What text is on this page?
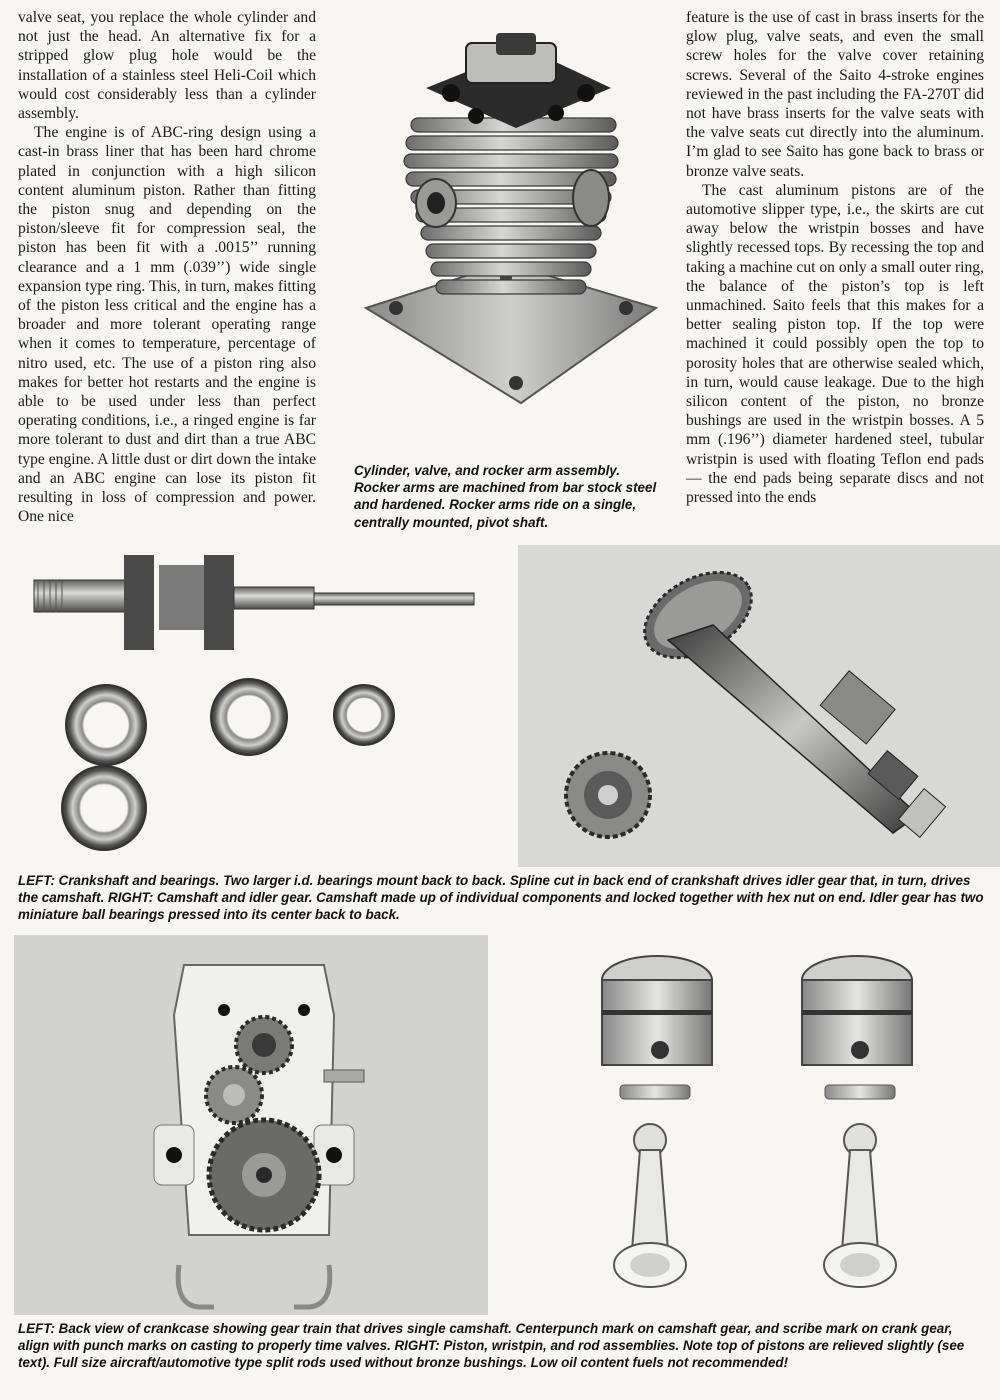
valve seat, you replace the whole cylinder and not just the head. An alternative fix for a stripped glow plug hole would be the installation of a stainless steel Heli-Coil which would cost considerably less than a cylinder assembly.

The engine is of ABC-ring design using a cast-in brass liner that has been hard chrome plated in conjunction with a high silicon content aluminum piston. Rather than fitting the piston snug and depending on the piston/sleeve fit for compression seal, the piston has been fit with a .0015’’ running clearance and a 1 mm (.039’’) wide single expansion type ring. This, in turn, makes fitting of the piston less critical and the engine has a broader and more tolerant operating range when it comes to temperature, percentage of nitro used, etc. The use of a piston ring also makes for better hot restarts and the engine is able to be used under less than perfect operating conditions, i.e., a ringed engine is far more tolerant to dust and dirt than a true ABC type engine. A little dust or dirt down the intake and an ABC engine can lose its piston fit resulting in loss of compression and power. One nice

feature is the use of cast in brass inserts for the glow plug, valve seats, and even the small screw holes for the valve cover retaining screws. Several of the Saito 4-stroke engines reviewed in the past including the FA-270T did not have brass inserts for the valve seats with the valve seats cut directly into the aluminum. I’m glad to see Saito has gone back to brass or bronze valve seats.

The cast aluminum pistons are of the automotive slipper type, i.e., the skirts are cut away below the wristpin bosses and have slightly recessed tops. By recessing the top and taking a machine cut on only a small outer ring, the balance of the piston’s top is left unmachined. Saito feels that this makes for a better sealing piston top. If the top were machined it could possibly open the top to porosity holes that are otherwise sealed which, in turn, would cause leakage. Due to the high silicon content of the piston, no bronze bushings are used in the wristpin bosses. A 5 mm (.196’’) diameter hardened steel, tubular wristpin is used with floating Teflon end pads — the end pads being separate discs and not pressed into the ends

Cylinder, valve, and rocker arm assembly. Rocker arms are machined from bar stock steel and hardened. Rocker arms ride on a single, centrally mounted, pivot shaft.
LEFT: Crankshaft and bearings. Two larger i.d. bearings mount back to back. Spline cut in back end of crankshaft drives idler gear that, in turn, drives the camshaft. RIGHT: Camshaft and idler gear. Camshaft made up of individual components and locked together with hex nut on end. Idler gear has two miniature ball bearings pressed into its center back to back.
LEFT: Back view of crankcase showing gear train that drives single camshaft. Centerpunch mark on camshaft gear, and scribe mark on crank gear, align with punch marks on casting to properly time valves. RIGHT: Piston, wristpin, and rod assemblies. Note top of pistons are relieved slightly (see text). Full size aircraft/automotive type split rods used without bronze bushings. Low oil content fuels not recommended!
